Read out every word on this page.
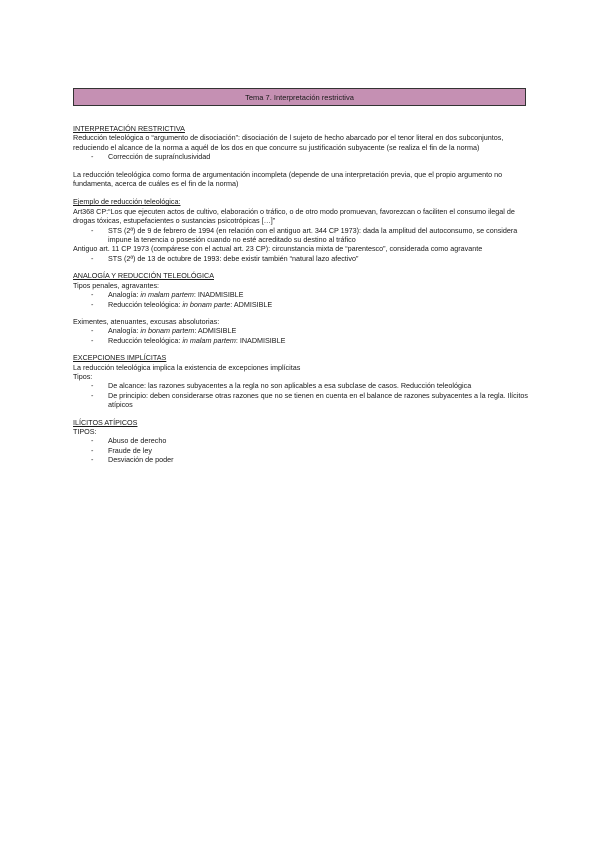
Tema 7. Interpretación restrictiva

INTERPRETACIÓN RESTRICTIVA

Reducción teleológica o “argumento de disociación”: disociación de l sujeto de hecho abarcado por el tenor literal en dos subconjuntos, reduciendo el alcance de la norma a aquél de los dos en que concurre su justificación subyacente (se realiza el fin de la norma)

- Corrección de supraínclusividad

La reducción teleológica como forma de argumentación incompleta (depende de una interpretación previa, que el propio argumento no fundamenta, acerca de cuáles es el fin de la norma)

Ejemplo de reducción teleológica:

Art368 CP:“Los que ejecuten actos de cultivo, elaboración o tráfico, o de otro modo promuevan, favorezcan o faciliten el consumo ilegal de drogas tóxicas, estupefacientes o sustancias psicotrópicas […]”

- STS (2ª) de 9 de febrero de 1994 (en relación con el antiguo art. 344 CP 1973): dada la amplitud del autoconsumo, se considera impune la tenencia o posesión cuando no esté acreditado su destino al tráfico

Antiguo art. 11 CP 1973 (compárese con el actual art. 23 CP): circunstancia mixta de “parentesco”, considerada como agravante

- STS (2ª) de 13 de octubre de 1993: debe existir también “natural lazo afectivo”

ANALOGÍA Y REDUCCIÓN TELEOLÓGICA

Tipos penales, agravantes:

- Analogía: in malam partem: INADMISIBLE
- Reducción teleológica: in bonam parte: ADMISIBLE

Eximentes, atenuantes, excusas absolutorias:

- Analogía: in bonam partem: ADMISIBLE
- Reducción teleológica: in malam partem: INADMISIBLE

EXCEPCIONES IMPLÍCITAS

La reducción teleológica implica la existencia de excepciones implícitas

Tipos:

- De alcance: las razones subyacentes a la regla no son aplicables a esa subclase de casos. Reducción teleológica
- De principio: deben considerarse otras razones que no se tienen en cuenta en el balance de razones subyacentes a la regla. Ilícitos atípicos

ILÍCITOS ATÍPICOS

TIPOS:

- Abuso de derecho
- Fraude de ley
- Desviación de poder
